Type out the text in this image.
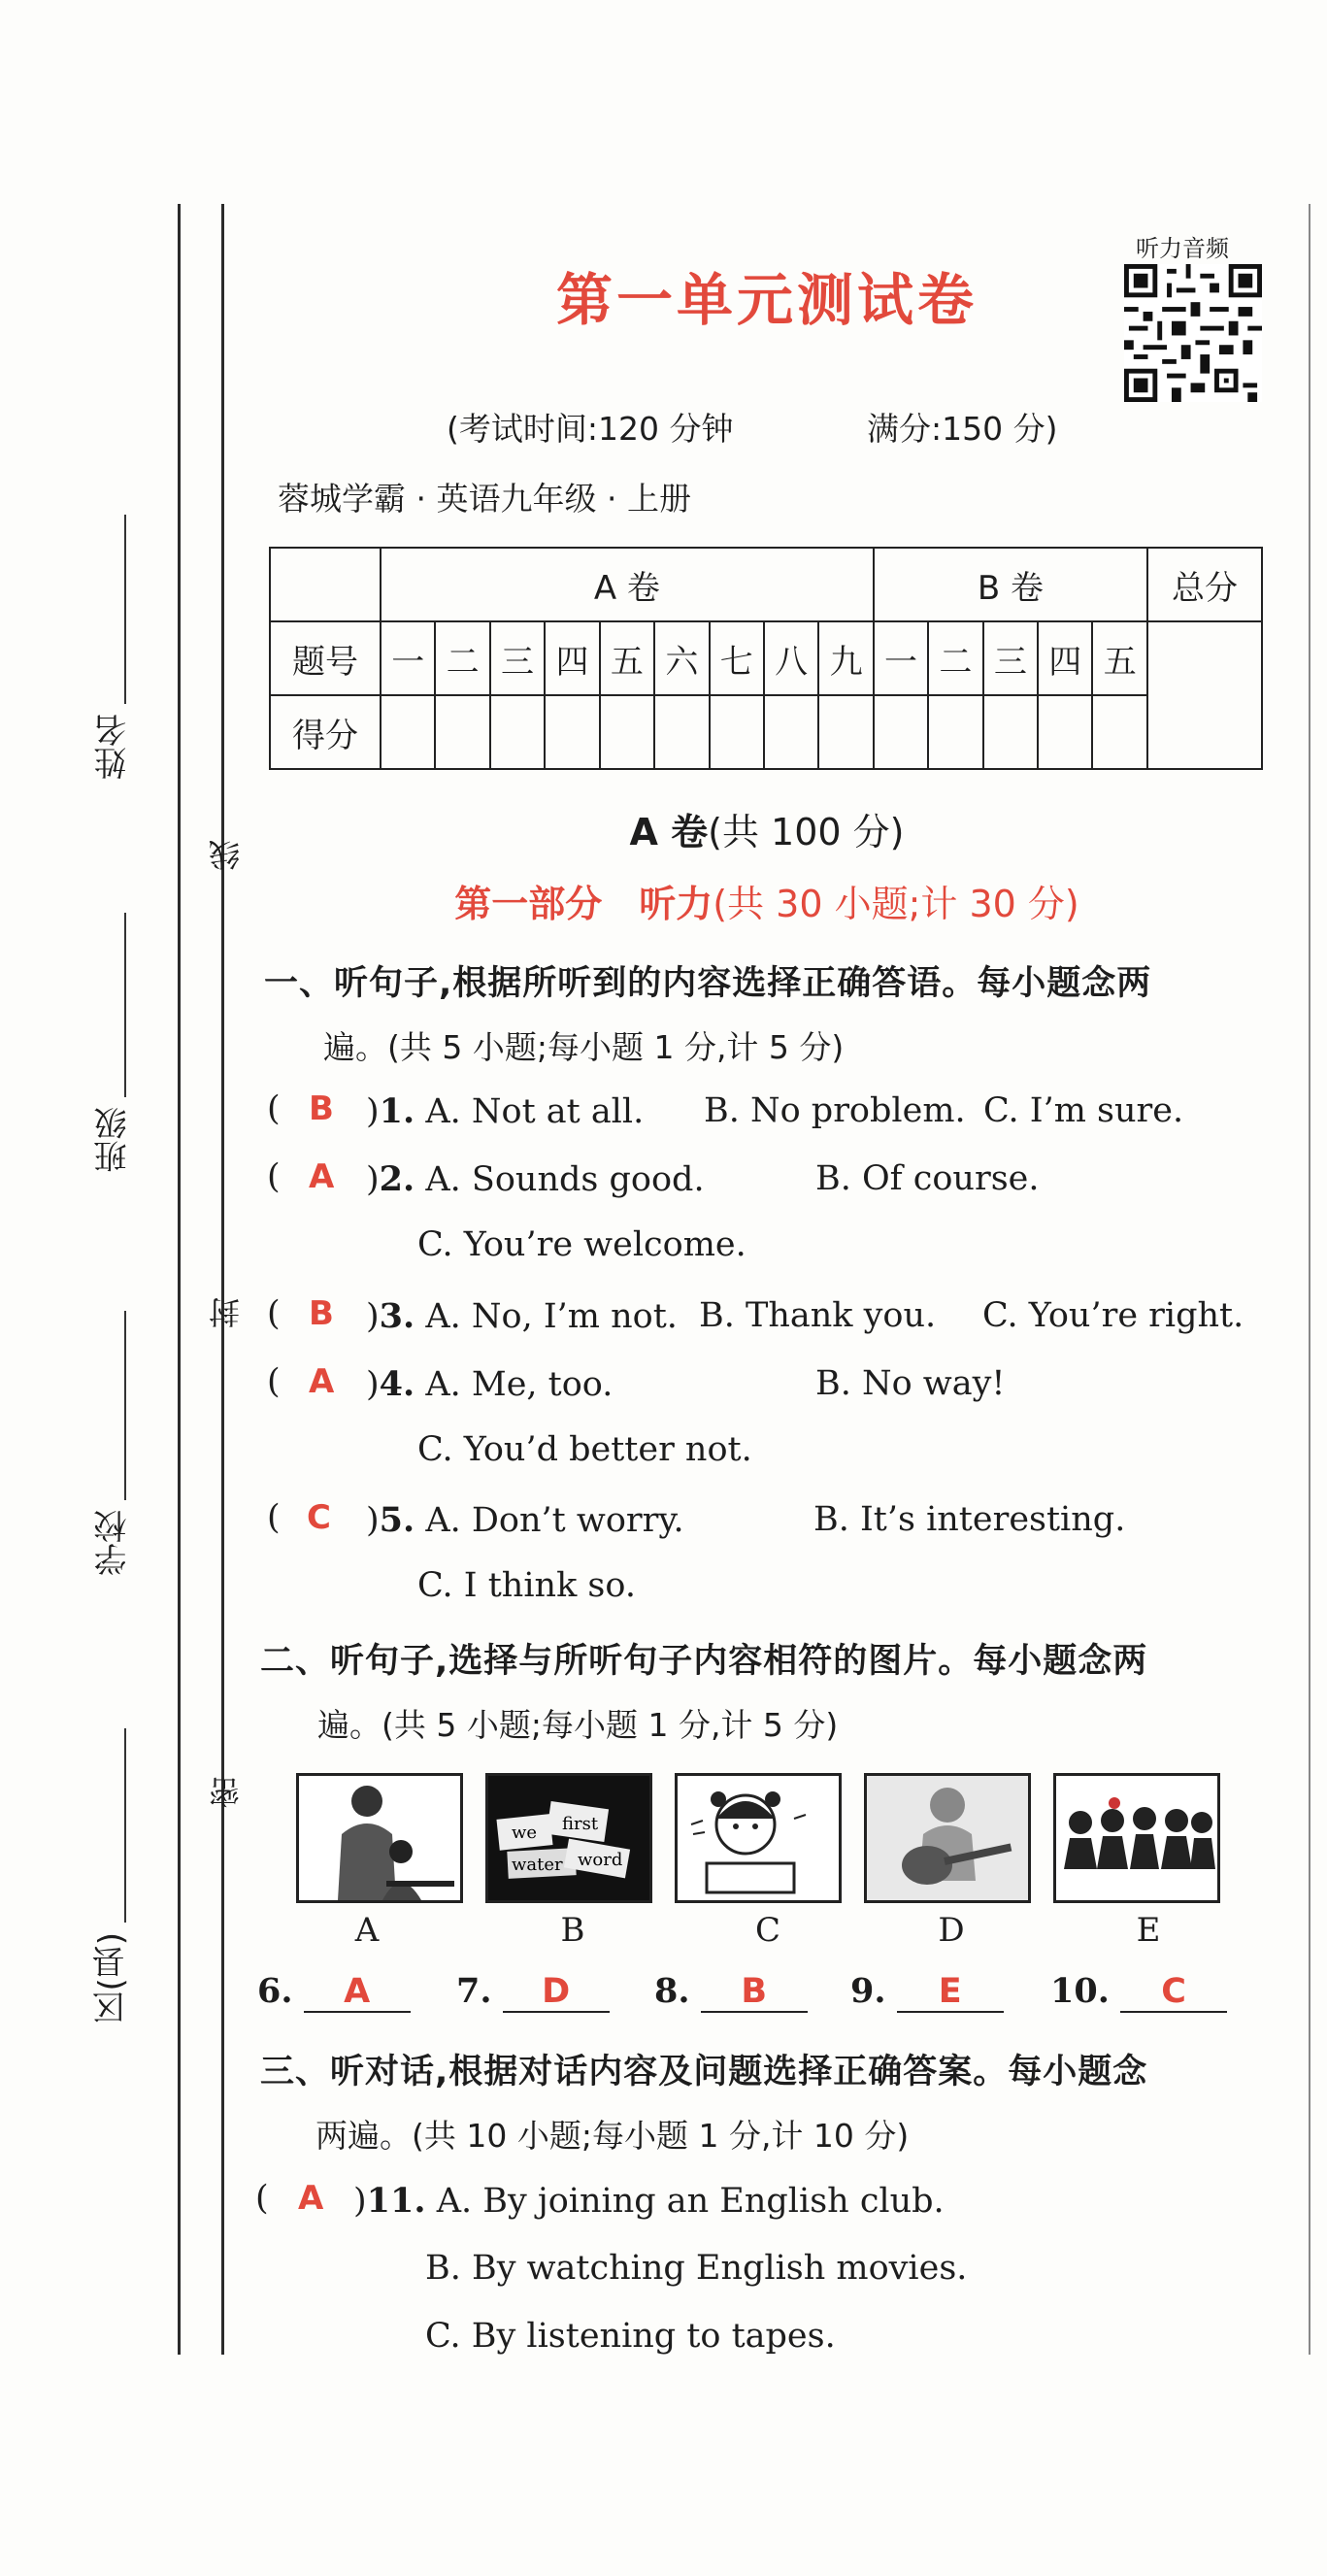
姓名
班级
学校
区(县)
线
封
密
第一单元测试卷
听力音频
(考试时间:120 分钟	满分:150 分)
蓉城学霸 · 英语九年级 · 上册
	A 卷									B 卷					总分
题号	一	二	三	四	五	六	七	八	九	一	二	三	四	五	
得分															
A 卷(共 100 分)
第一部分　听力(共 30 小题;计 30 分)
一、听句子,根据所听到的内容选择正确答语。每小题念两
遍。(共 5 小题;每小题 1 分,计 5 分)
( B )1. A. Not at all. B. No problem. C. I’m sure.
( A )2. A. Sounds good.	B. Of course.
C. You’re welcome.
( B )3. A. No, I’m not. B. Thank you. C. You’re right.
( A )4. A. Me, too.	B. No way!
C. You’d better not.
( C )5. A. Don’t worry.	B. It’s interesting.
C. I think so.
二、听句子,选择与所听句子内容相符的图片。每小题念两
遍。(共 5 小题;每小题 1 分,计 5 分)
we first
water word
A	B	C	D	E
6. A	7. D	8. B	9. E	10. C
三、听对话,根据对话内容及问题选择正确答案。每小题念
两遍。(共 10 小题;每小题 1 分,计 10 分)
( A )11. A. By joining an English club.
B. By watching English movies.
C. By listening to tapes.
